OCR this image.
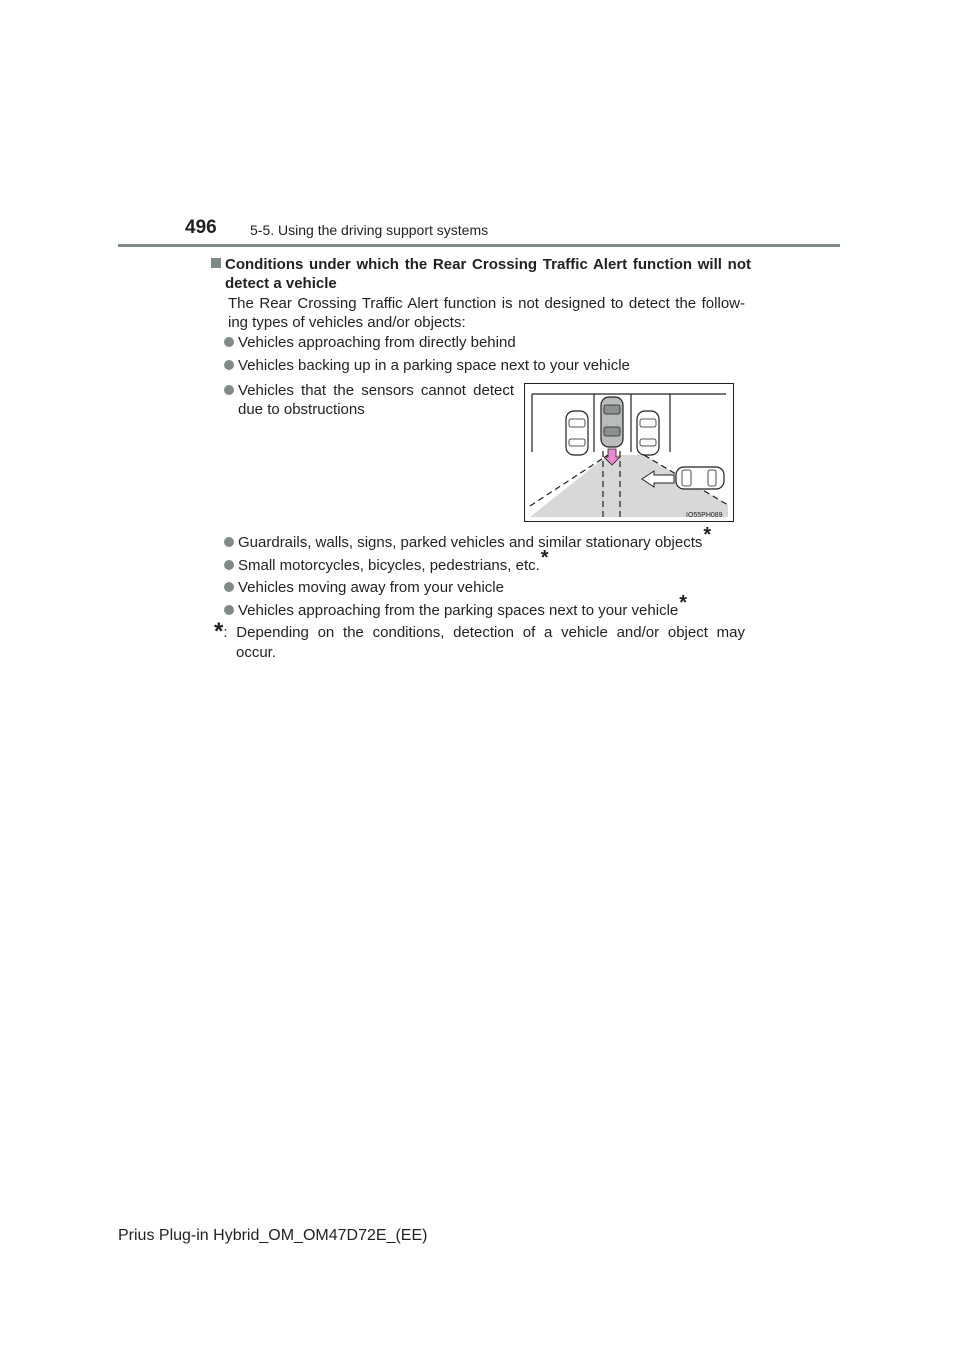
496 5-5. Using the driving support systems
Conditions under which the Rear Crossing Traffic Alert function will not
detect a vehicle
The Rear Crossing Traffic Alert function is not designed to detect the follow-
ing types of vehicles and/or objects:
Vehicles approaching from directly behind
Vehicles backing up in a parking space next to your vehicle
Vehicles that the sensors cannot detect
due to obstructions
IO55PH089
Guardrails, walls, signs, parked vehicles and similar stationary objects*
Small motorcycles, bicycles, pedestrians, etc.*
Vehicles moving away from your vehicle
Vehicles approaching from the parking spaces next to your vehicle*
*: Depending on the conditions, detection of a vehicle and/or object may
occur.
Prius Plug-in Hybrid_OM_OM47D72E_(EE)
